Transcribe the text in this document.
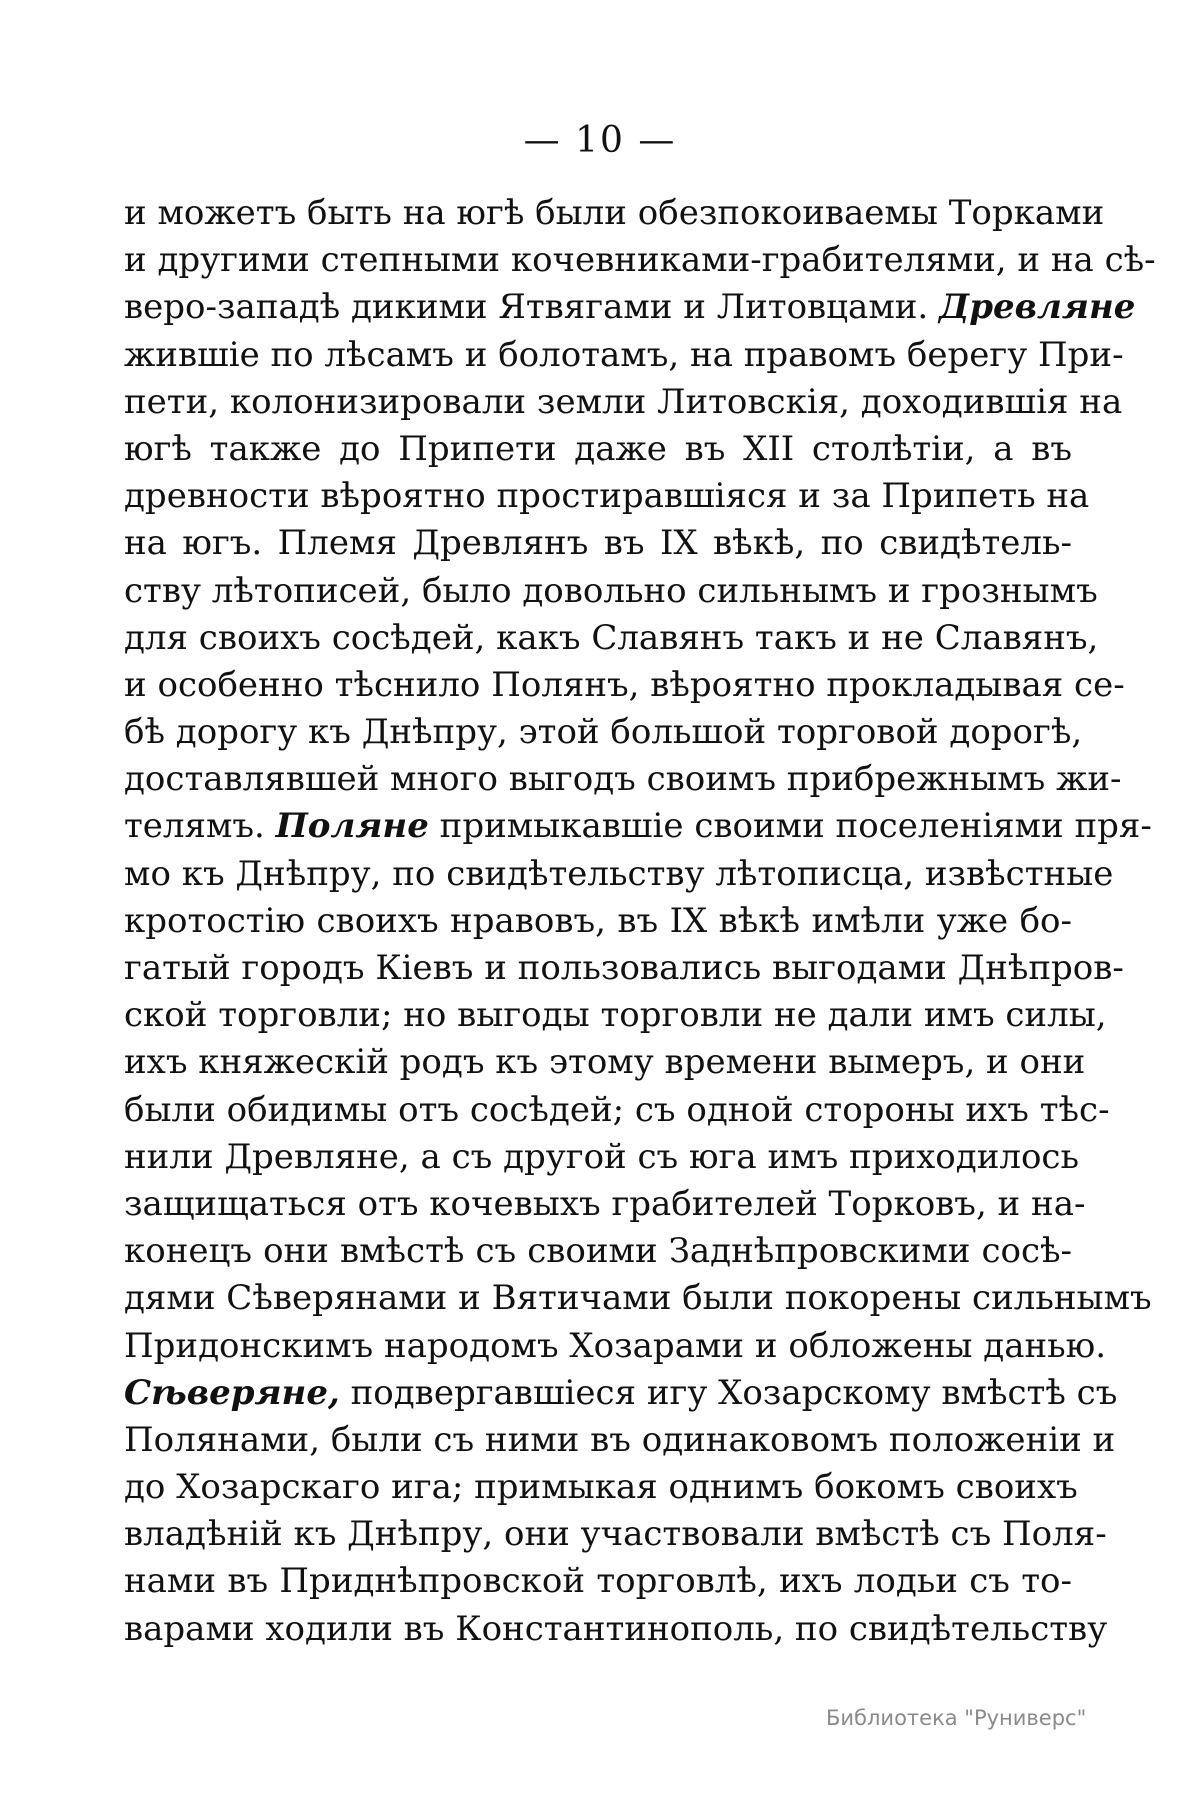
— 10 —
и можетъ быть на югѣ были обезпокоиваемы Торками
и другими степными кочевниками-грабителями, и на сѣ-
веро-западѣ дикими Ятвягами и Литовцами. Древляне
жившіе по лѣсамъ и болотамъ, на правомъ берегу При-
пети, колонизировали земли Литовскія, доходившія на
югѣ также до Припети даже въ XII столѣтіи, а въ
древности вѣроятно простиравшіяся и за Припеть на
на югъ. Племя Древлянъ въ IX вѣкѣ, по свидѣтель-
ству лѣтописей, было довольно сильнымъ и грознымъ
для своихъ сосѣдей, какъ Славянъ такъ и не Славянъ,
и особенно тѣснило Полянъ, вѣроятно прокладывая се-
бѣ дорогу къ Днѣпру, этой большой торговой дорогѣ,
доставлявшей много выгодъ своимъ прибрежнымъ жи-
телямъ. Поляне примыкавшіе своими поселеніями пря-
мо къ Днѣпру, по свидѣтельству лѣтописца, извѣстные
кротостію своихъ нравовъ, въ IX вѣкѣ имѣли уже бо-
гатый городъ Кіевъ и пользовались выгодами Днѣпров-
ской торговли; но выгоды торговли не дали имъ силы,
ихъ княжескій родъ къ этому времени вымеръ, и они
были обидимы отъ сосѣдей; съ одной стороны ихъ тѣс-
нили Древляне, а съ другой съ юга имъ приходилось
защищаться отъ кочевыхъ грабителей Торковъ, и на-
конецъ они вмѣстѣ съ своими Заднѣпровскими сосѣ-
дями Сѣверянами и Вятичами были покорены сильнымъ
Придонскимъ народомъ Хозарами и обложены данью.
Сѣверяне, подвергавшіеся игу Хозарскому вмѣстѣ съ
Полянами, были съ ними въ одинаковомъ положеніи и
до Хозарскаго ига; примыкая однимъ бокомъ своихъ
владѣній къ Днѣпру, они участвовали вмѣстѣ съ Поля-
нами въ Приднѣпровской торговлѣ, ихъ лодьи съ то-
варами ходили въ Константинополь, по свидѣтельству
Библиотека "Руниверс"
